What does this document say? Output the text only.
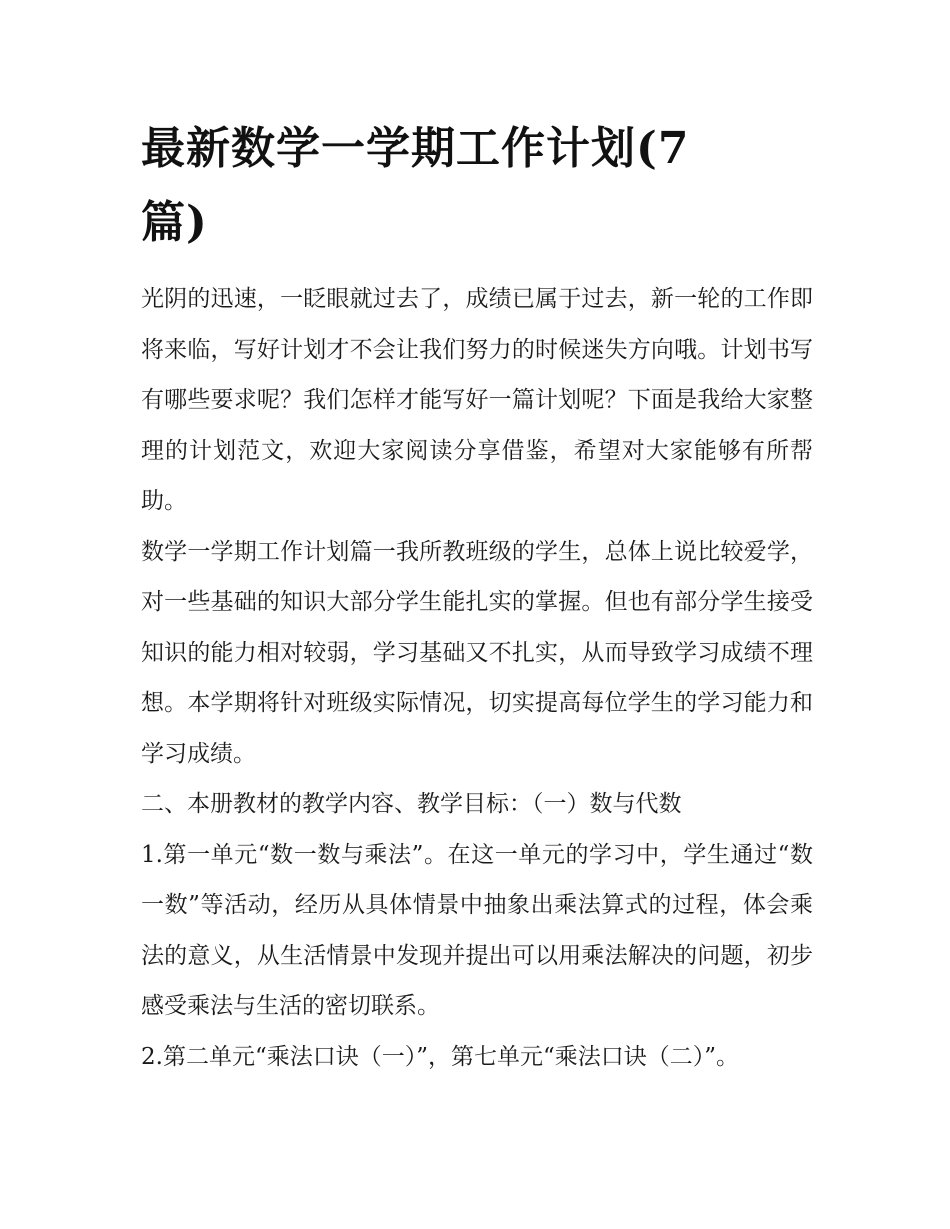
最新数学一学期工作计划(7篇)

光阴的迅速，一眨眼就过去了，成绩已属于过去，新一轮的工作即将来临，写好计划才不会让我们努力的时候迷失方向哦。计划书写有哪些要求呢？我们怎样才能写好一篇计划呢？下面是我给大家整理的计划范文，欢迎大家阅读分享借鉴，希望对大家能够有所帮助。

数学一学期工作计划篇一我所教班级的学生，总体上说比较爱学，对一些基础的知识大部分学生能扎实的掌握。但也有部分学生接受知识的能力相对较弱，学习基础又不扎实，从而导致学习成绩不理想。本学期将针对班级实际情况，切实提高每位学生的学习能力和学习成绩。

二、本册教材的教学内容、教学目标：（一）数与代数

1.第一单元“数一数与乘法”。在这一单元的学习中，学生通过“数一数”等活动，经历从具体情景中抽象出乘法算式的过程，体会乘法的意义，从生活情景中发现并提出可以用乘法解决的问题，初步感受乘法与生活的密切联系。

2.第二单元“乘法口诀（一）”，第七单元“乘法口诀（二）”。
